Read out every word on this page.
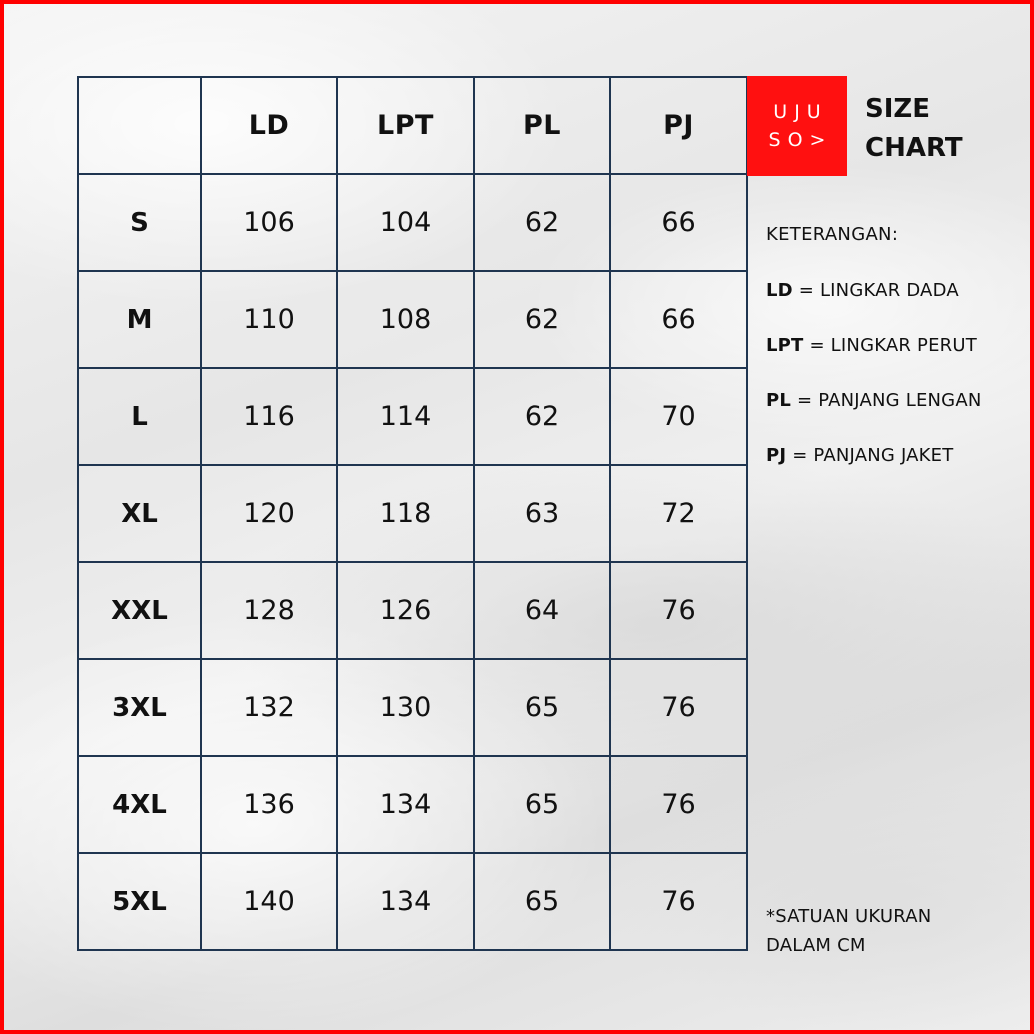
	LD	LPT	PL	PJ
S	106	104	62	66
M	110	108	62	66
L	116	114	62	70
XL	120	118	63	72
XXL	128	126	64	76
3XL	132	130	65	76
4XL	136	134	65	76
5XL	140	134	65	76
UJU
SO>
SIZE
CHART
KETERANGAN:
LD = LINGKAR DADA
LPT = LINGKAR PERUT
PL = PANJANG LENGAN
PJ = PANJANG JAKET
*SATUAN UKURAN
DALAM CM
